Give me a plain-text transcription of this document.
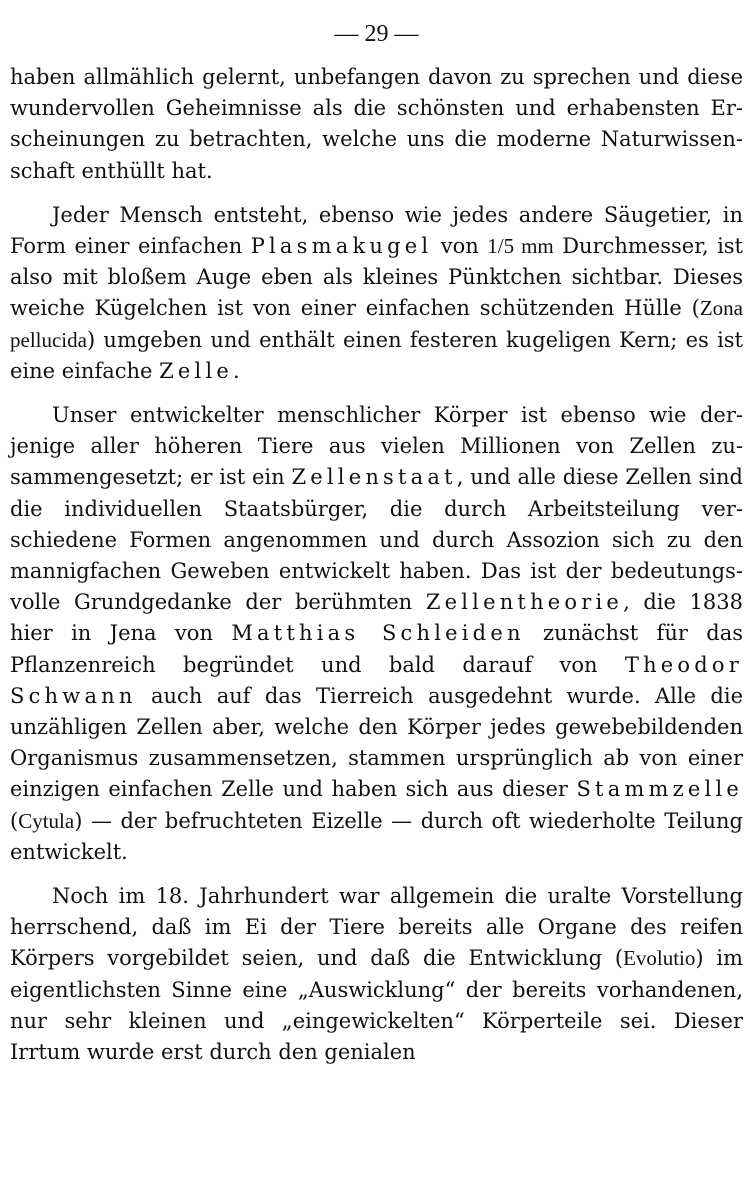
— 29 —

haben allmählich gelernt, unbefangen davon zu sprechen und diese wundervollen Geheimnisse als die schönsten und erhabensten Erscheinungen zu betrachten, welche uns die moderne Naturwissenschaft enthüllt hat.

Jeder Mensch entsteht, ebenso wie jedes andere Säugetier, in Form einer einfachen Plasmakugel von 1/5 mm Durchmesser, ist also mit bloßem Auge eben als kleines Pünktchen sichtbar. Dieses weiche Kügelchen ist von einer einfachen schützenden Hülle (Zona pellucida) umgeben und enthält einen festeren kugeligen Kern; es ist eine einfache Zelle.

Unser entwickelter menschlicher Körper ist ebenso wie derjenige aller höheren Tiere aus vielen Millionen von Zellen zusammengesetzt; er ist ein Zellenstaat, und alle diese Zellen sind die individuellen Staatsbürger, die durch Arbeitsteilung verschiedene Formen angenommen und durch Assozion sich zu den mannigfachen Geweben entwickelt haben. Das ist der bedeutungsvolle Grundgedanke der berühmten Zellentheorie, die 1838 hier in Jena von Matthias Schleiden zunächst für das Pflanzenreich begründet und bald darauf von Theodor Schwann auch auf das Tierreich ausgedehnt wurde. Alle die unzähligen Zellen aber, welche den Körper jedes gewebebildenden Organismus zusammensetzen, stammen ursprünglich ab von einer einzigen einfachen Zelle und haben sich aus dieser Stammzelle (Cytula) — der befruchteten Eizelle — durch oft wiederholte Teilung entwickelt.

Noch im 18. Jahrhundert war allgemein die uralte Vorstellung herrschend, daß im Ei der Tiere bereits alle Organe des reifen Körpers vorgebildet seien, und daß die Entwicklung (Evolutio) im eigentlichsten Sinne eine „Auswicklung“ der bereits vorhandenen, nur sehr kleinen und „eingewickelten“ Körperteile sei. Dieser Irrtum wurde erst durch den genialen
